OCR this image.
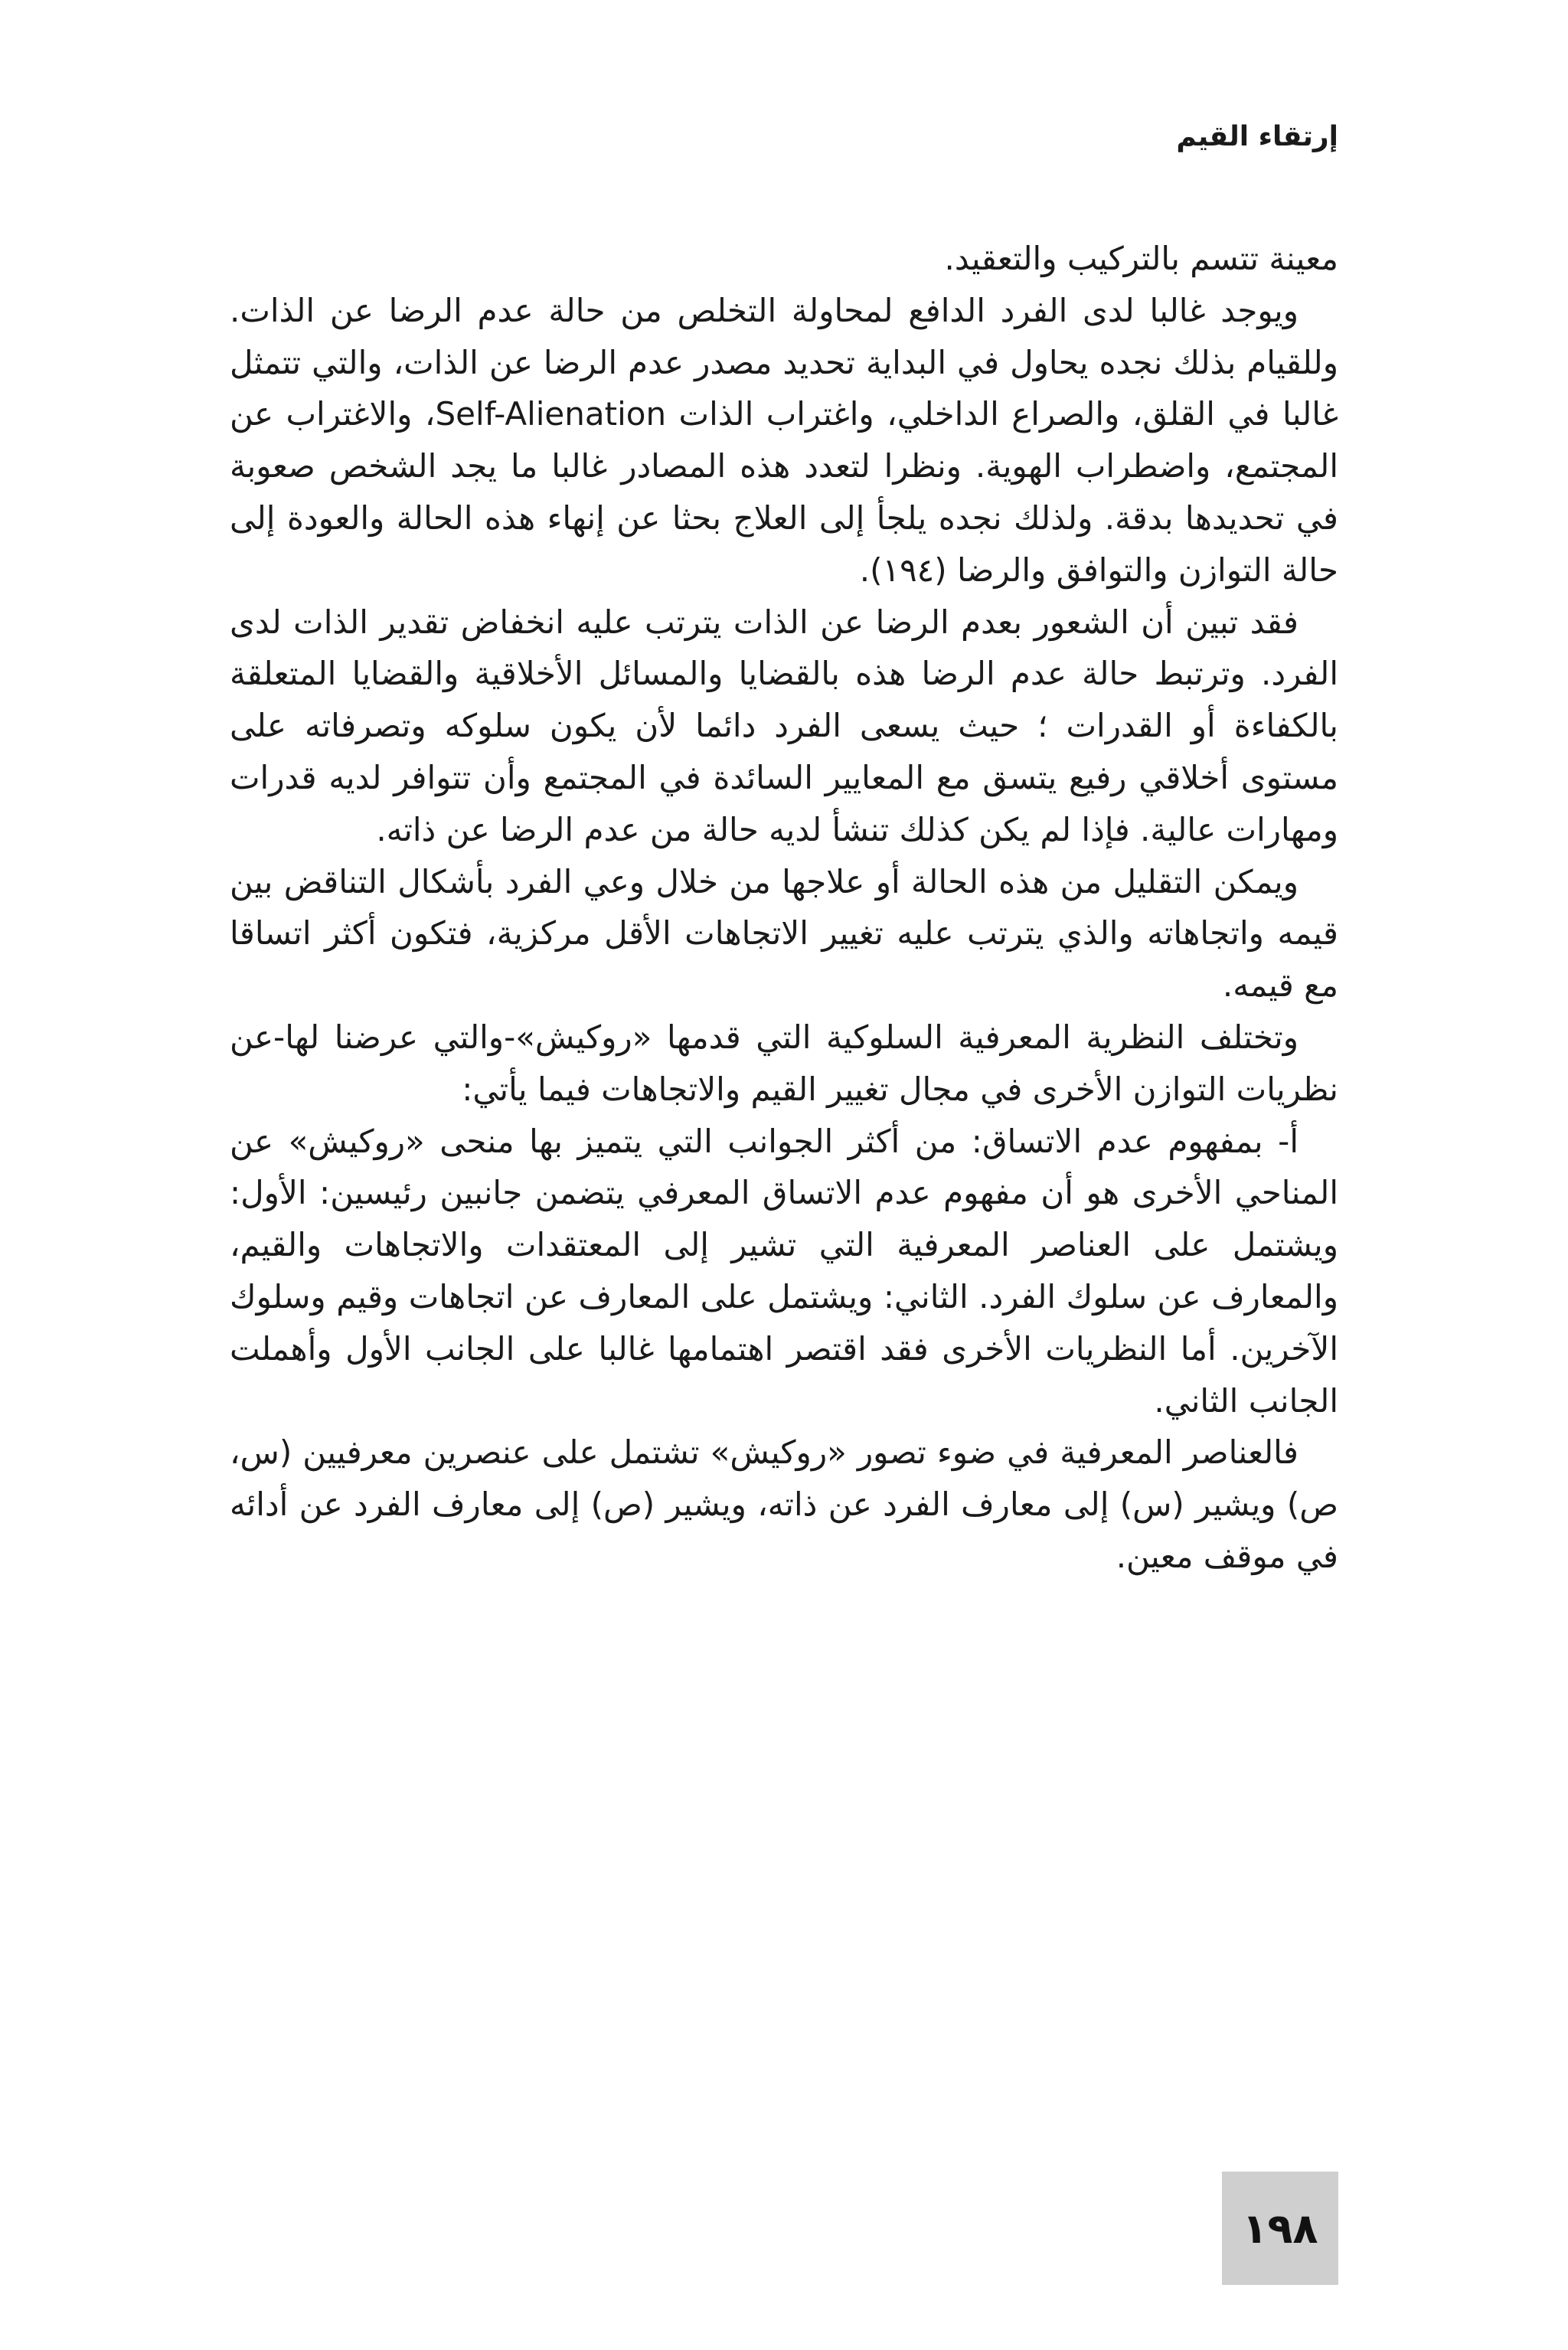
إرتقاء القيم

معينة تتسم بالتركيب والتعقيد.

ويوجد غالبا لدى الفرد الدافع لمحاولة التخلص من حالة عدم الرضا عن الذات. وللقيام بذلك نجده يحاول في البداية تحديد مصدر عدم الرضا عن الذات، والتي تتمثل غالبا في القلق، والصراع الداخلي، واغتراب الذات Self-Alienation، والاغتراب عن المجتمع، واضطراب الهوية. ونظرا لتعدد هذه المصادر غالبا ما يجد الشخص صعوبة في تحديدها بدقة. ولذلك نجده يلجأ إلى العلاج بحثا عن إنهاء هذه الحالة والعودة إلى حالة التوازن والتوافق والرضا (١٩٤).

فقد تبين أن الشعور بعدم الرضا عن الذات يترتب عليه انخفاض تقدير الذات لدى الفرد. وترتبط حالة عدم الرضا هذه بالقضايا والمسائل الأخلاقية والقضايا المتعلقة بالكفاءة أو القدرات ؛ حيث يسعى الفرد دائما لأن يكون سلوكه وتصرفاته على مستوى أخلاقي رفيع يتسق مع المعايير السائدة في المجتمع وأن تتوافر لديه قدرات ومهارات عالية. فإذا لم يكن كذلك تنشأ لديه حالة من عدم الرضا عن ذاته.

ويمكن التقليل من هذه الحالة أو علاجها من خلال وعي الفرد بأشكال التناقض بين قيمه واتجاهاته والذي يترتب عليه تغيير الاتجاهات الأقل مركزية، فتكون أكثر اتساقا مع قيمه.

وتختلف النظرية المعرفية السلوكية التي قدمها «روكيش»-والتي عرضنا لها-عن نظريات التوازن الأخرى في مجال تغيير القيم والاتجاهات فيما يأتي:

أ- بمفهوم عدم الاتساق: من أكثر الجوانب التي يتميز بها منحى «روكيش» عن المناحي الأخرى هو أن مفهوم عدم الاتساق المعرفي يتضمن جانبين رئيسين: الأول: ويشتمل على العناصر المعرفية التي تشير إلى المعتقدات والاتجاهات والقيم، والمعارف عن سلوك الفرد. الثاني: ويشتمل على المعارف عن اتجاهات وقيم وسلوك الآخرين. أما النظريات الأخرى فقد اقتصر اهتمامها غالبا على الجانب الأول وأهملت الجانب الثاني.

فالعناصر المعرفية في ضوء تصور «روكيش» تشتمل على عنصرين معرفيين (س، ص) ويشير (س) إلى معارف الفرد عن ذاته، ويشير (ص) إلى معارف الفرد عن أدائه في موقف معين.

١٩٨
